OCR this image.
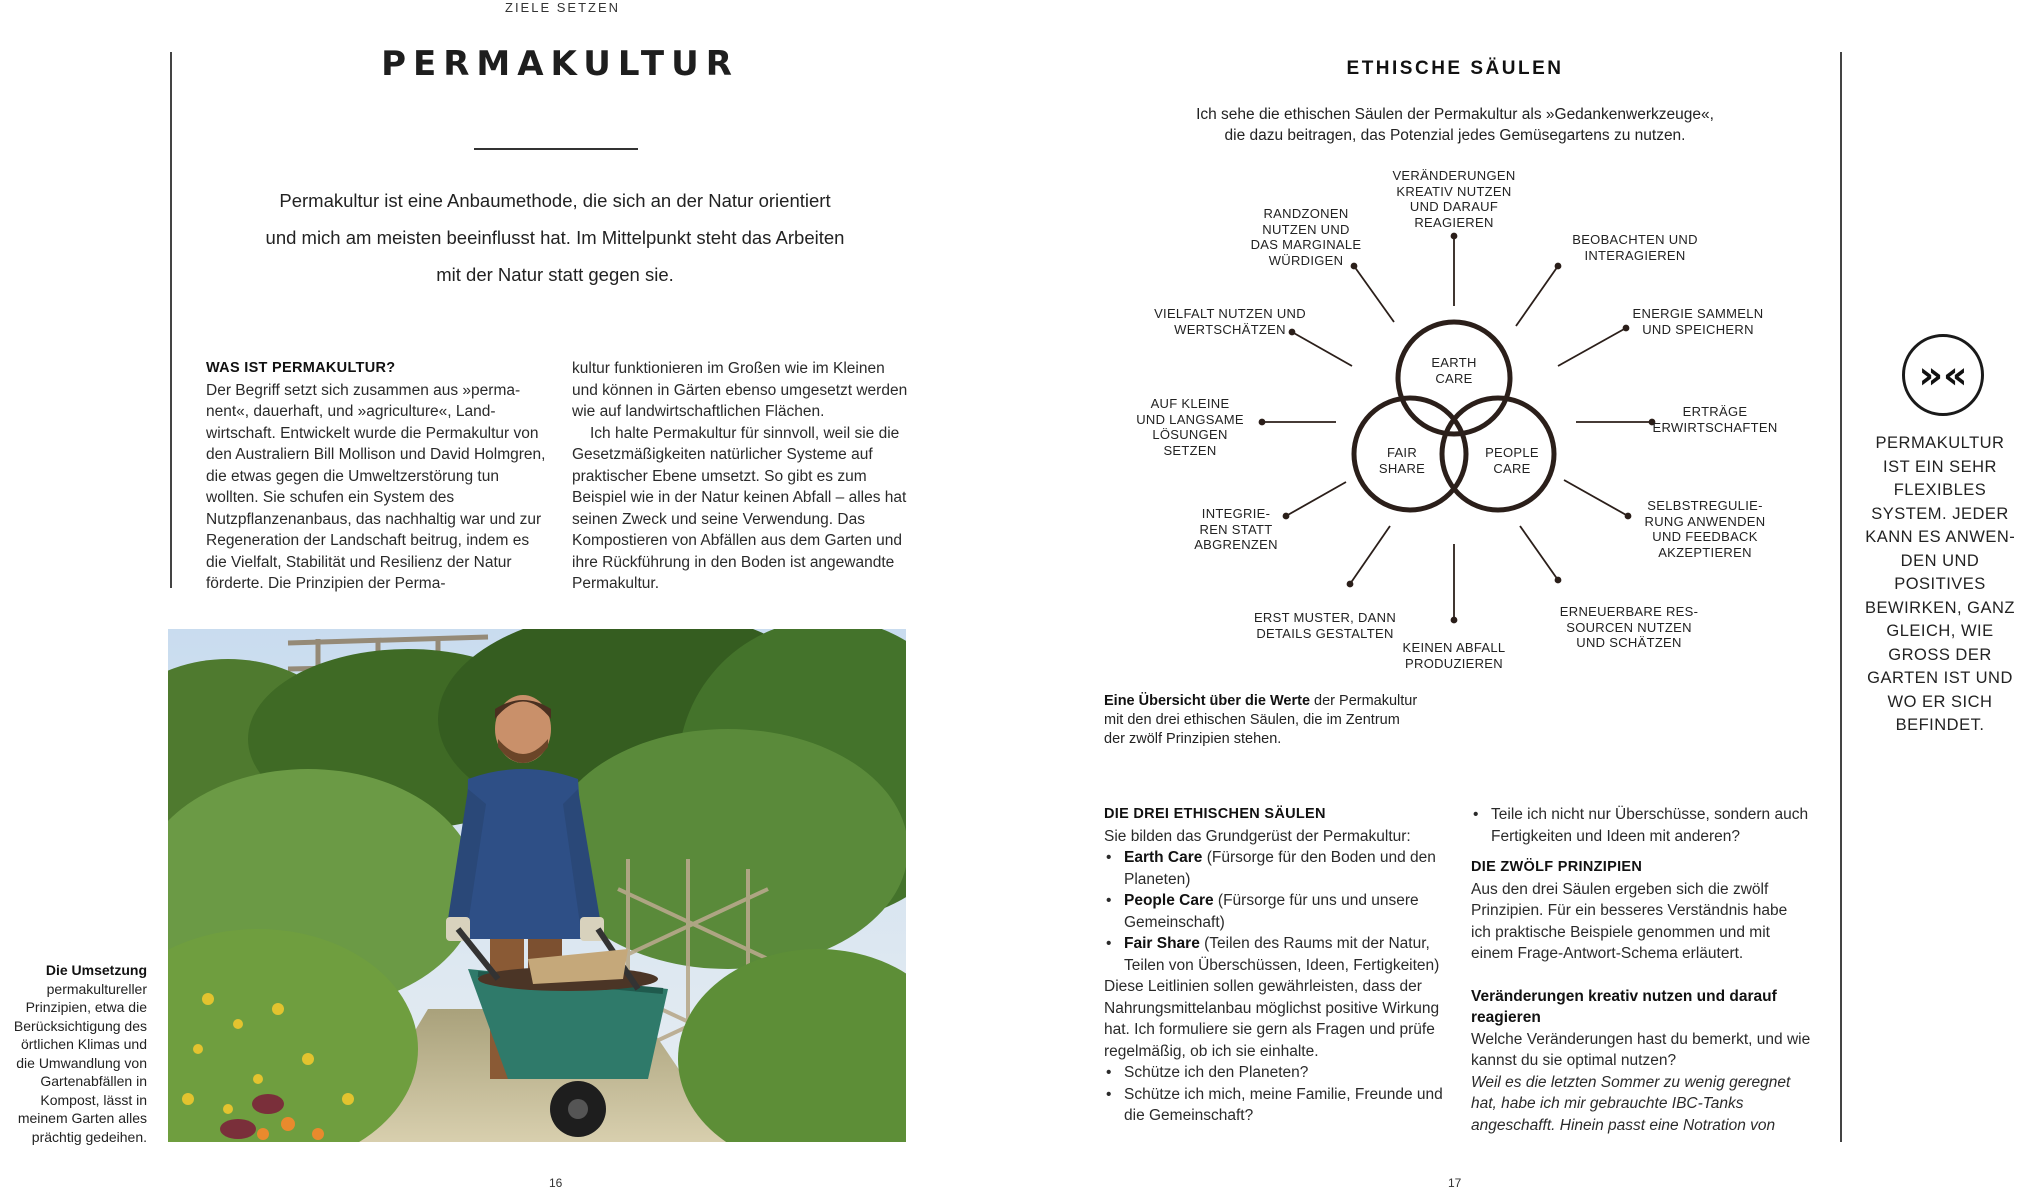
ZIELE SETZEN
PERMAKULTUR
Permakultur ist eine Anbaumethode, die sich an der Natur orientiert
und mich am meisten beeinflusst hat. Im Mittelpunkt steht das Arbeiten
mit der Natur statt gegen sie.

WAS IST PERMAKULTUR?

Der Begriff setzt sich zusammen aus »permanent«, dauerhaft, und »agriculture«, Landwirtschaft. Entwickelt wurde die Permakultur von den Australiern Bill Mollison und David Holmgren, die etwas gegen die Umweltzerstörung tun wollten. Sie schufen ein System des Nutzpflanzenanbaus, das nachhaltig war und zur Regeneration der Landschaft beitrug, indem es die Vielfalt, Stabilität und Resilienz der Natur förderte. Die Prinzipien der Perma-

kultur funktionieren im Großen wie im Kleinen und können in Gärten ebenso umgesetzt werden wie auf landwirtschaftlichen Flächen.

Ich halte Permakultur für sinnvoll, weil sie die Gesetzmäßigkeiten natürlicher Systeme auf praktischer Ebene umsetzt. So gibt es zum Beispiel wie in der Natur keinen Abfall – alles hat seinen Zweck und seine Verwendung. Das Kompostieren von Abfällen aus dem Garten und ihre Rückführung in den Boden ist angewandte Permakultur.

Die Umsetzung
permakultureller Prinzipien, etwa die Berücksichtigung des örtlichen Klimas und die Umwandlung von Gartenabfällen in Kompost, lässt in meinem Garten alles prächtig gedeihen.
16
ETHISCHE SÄULEN
Ich sehe die ethischen Säulen der Permakultur als »Gedankenwerkzeuge«,
die dazu beitragen, das Potenzial jedes Gemüsegartens zu nutzen.
EARTH
CARE
FAIR
SHARE
PEOPLE
CARE
VERÄNDERUNGEN
KREATIV NUTZEN
UND DARAUF
REAGIEREN
RANDZONEN
NUTZEN UND
DAS MARGINALE
WÜRDIGEN
BEOBACHTEN UND
INTERAGIEREN
VIELFALT NUTZEN UND
WERTSCHÄTZEN
ENERGIE SAMMELN
UND SPEICHERN
AUF KLEINE
UND LANGSAME
LÖSUNGEN
SETZEN
ERTRÄGE
ERWIRTSCHAFTEN
INTEGRIE-
REN STATT
ABGRENZEN
SELBSTREGULIE-
RUNG ANWENDEN
UND FEEDBACK
AKZEPTIEREN
ERST MUSTER, DANN
DETAILS GESTALTEN
ERNEUERBARE RES-
SOURCEN NUTZEN
UND SCHÄTZEN
KEINEN ABFALL
PRODUZIEREN
Eine Übersicht über die Werte der Permakultur mit den drei ethischen Säulen, die im Zentrum der zwölf Prinzipien stehen.

DIE DREI ETHISCHEN SÄULEN

Sie bilden das Grundgerüst der Permakultur:

• Earth Care (Fürsorge für den Boden und den Planeten)

• People Care (Fürsorge für uns und unsere Gemeinschaft)

• Fair Share (Teilen des Raums mit der Natur, Teilen von Überschüssen, Ideen, Fertigkeiten)

Diese Leitlinien sollen gewährleisten, dass der Nahrungsmittelanbau möglichst positive Wirkung hat. Ich formuliere sie gern als Fragen und prüfe regelmäßig, ob ich sie einhalte.

• Schütze ich den Planeten?

• Schütze ich mich, meine Familie, Freunde und die Gemeinschaft?

• Teile ich nicht nur Überschüsse, sondern auch Fertigkeiten und Ideen mit anderen?

DIE ZWÖLF PRINZIPIEN

Aus den drei Säulen ergeben sich die zwölf Prinzipien. Für ein besseres Verständnis habe ich praktische Beispiele genommen und mit einem Frage-Antwort-Schema erläutert.

Veränderungen kreativ nutzen und darauf reagieren

Welche Veränderungen hast du bemerkt, und wie kannst du sie optimal nutzen?

Weil es die letzten Sommer zu wenig geregnet hat, habe ich mir gebrauchte IBC-Tanks angeschafft. Hinein passt eine Notration von

»«
PERMAKULTUR IST EIN SEHR FLEXIBLES SYSTEM. JEDER KANN ES ANWENDEN UND POSITIVES BEWIRKEN, GANZ GLEICH, WIE GROSS DER GARTEN IST UND WO ER SICH BEFINDET.
17
